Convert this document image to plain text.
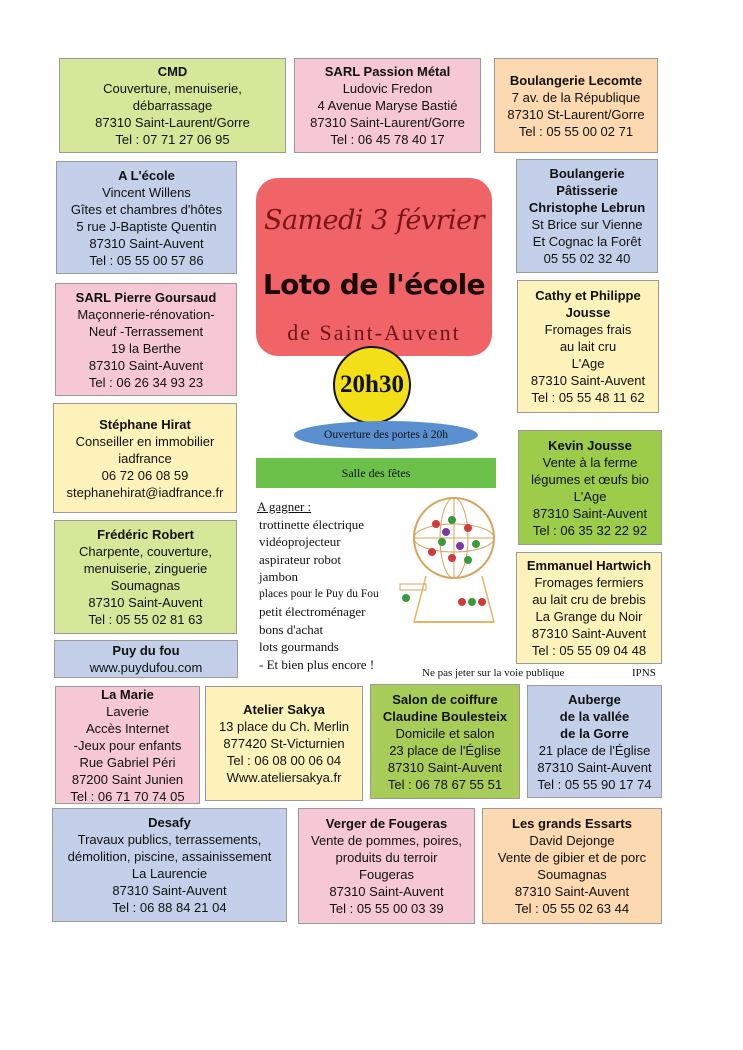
CMD
Couverture, menuiserie,
débarrassage
87310 Saint-Laurent/Gorre
Tel : 07 71 27 06 95
SARL Passion Métal
Ludovic Fredon
4 Avenue Maryse Bastié
87310 Saint-Laurent/Gorre
Tel : 06 45 78 40 17
Boulangerie Lecomte
7 av. de la République
87310 St-Laurent/Gorre
Tel : 05 55 00 02 71
A L'école
Vincent Willens
Gîtes et chambres d'hôtes
5 rue J-Baptiste Quentin
87310 Saint-Auvent
Tel : 05 55 00 57 86
Boulangerie
Pâtisserie
Christophe Lebrun
St Brice sur Vienne
Et Cognac la Forêt
05 55 02 32 40
SARL Pierre Goursaud
Maçonnerie-rénovation-
Neuf -Terrassement
19 la Berthe
87310 Saint-Auvent
Tel : 06 26 34 93 23
Cathy et Philippe
Jousse
Fromages frais
au lait cru
L'Age
87310 Saint-Auvent
Tel : 05 55 48 11 62
Stéphane Hirat
Conseiller en immobilier
iadfrance
06 72 06 08 59
stephanehirat@iadfrance.fr
Kevin Jousse
Vente à la ferme
légumes et œufs bio
L'Age
87310 Saint-Auvent
Tel : 06 35 32 22 92
Frédéric Robert
Charpente, couverture,
menuiserie, zinguerie
Soumagnas
87310 Saint-Auvent
Tel : 05 55 02 81 63
Emmanuel Hartwich
Fromages fermiers
au lait cru de brebis
La Grange du Noir
87310 Saint-Auvent
Tel : 05 55 09 04 48
Puy du fou
www.puydufou.com
La Marie
Laverie
Accès Internet
-Jeux pour enfants
Rue Gabriel Péri
87200 Saint Junien
Tel : 06 71 70 74 05
Atelier Sakya
13 place du Ch. Merlin
877420 St-Victurnien
Tel : 06 08 00 06 04
Www.ateliersakya.fr
Salon de coiffure
Claudine Boulesteix
Domicile et salon
23 place de l'Église
87310 Saint-Auvent
Tel : 06 78 67 55 51
Auberge
de la vallée
de la Gorre
21 place de l'Église
87310 Saint-Auvent
Tel : 05 55 90 17 74
Desafy
Travaux publics, terrassements,
démolition, piscine, assainissement
La Laurencie
87310 Saint-Auvent
Tel : 06 88 84 21 04
Verger de Fougeras
Vente de pommes, poires,
produits du terroir
Fougeras
87310 Saint-Auvent
Tel : 05 55 00 03 39
Les grands Essarts
David Dejonge
Vente de gibier et de porc
Soumagnas
87310 Saint-Auvent
Tel : 05 55 02 63 44
Samedi 3 février
Loto de l'école
de Saint-Auvent
20h30
Ouverture des portes à 20h
Salle des fêtes
A gagner :
trottinette électrique
vidéoprojecteur
aspirateur robot
jambon
places pour le Puy du Fou
petit électroménager
bons d'achat
lots gourmands
- Et bien plus encore !
Ne pas jeter sur la voie publique	IPNS
